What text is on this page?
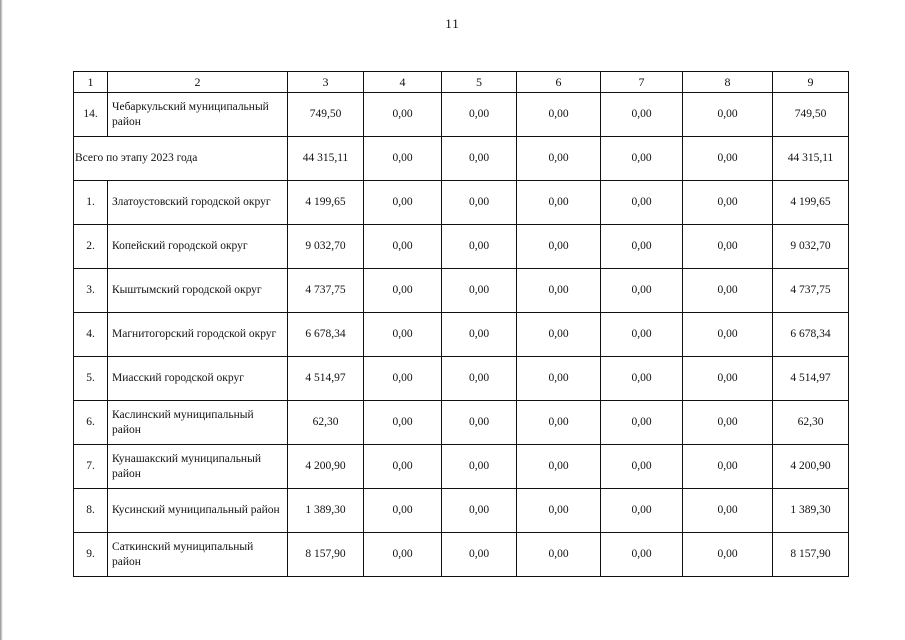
11
1	2	3	4	5	6	7	8	9
14.	Чебаркульский муниципальный район	749,50	0,00	0,00	0,00	0,00	0,00	749,50
Всего по этапу 2023 года		44 315,11	0,00	0,00	0,00	0,00	0,00	44 315,11
1.	Златоустовский городской округ	4 199,65	0,00	0,00	0,00	0,00	0,00	4 199,65
2.	Копейский городской округ	9 032,70	0,00	0,00	0,00	0,00	0,00	9 032,70
3.	Кыштымский городской округ	4 737,75	0,00	0,00	0,00	0,00	0,00	4 737,75
4.	Магнитогорский городской округ	6 678,34	0,00	0,00	0,00	0,00	0,00	6 678,34
5.	Миасский городской округ	4 514,97	0,00	0,00	0,00	0,00	0,00	4 514,97
6.	Каслинский муниципальный район	62,30	0,00	0,00	0,00	0,00	0,00	62,30
7.	Кунашакский муниципальный район	4 200,90	0,00	0,00	0,00	0,00	0,00	4 200,90
8.	Кусинский муниципальный район	1 389,30	0,00	0,00	0,00	0,00	0,00	1 389,30
9.	Саткинский муниципальный район	8 157,90	0,00	0,00	0,00	0,00	0,00	8 157,90
